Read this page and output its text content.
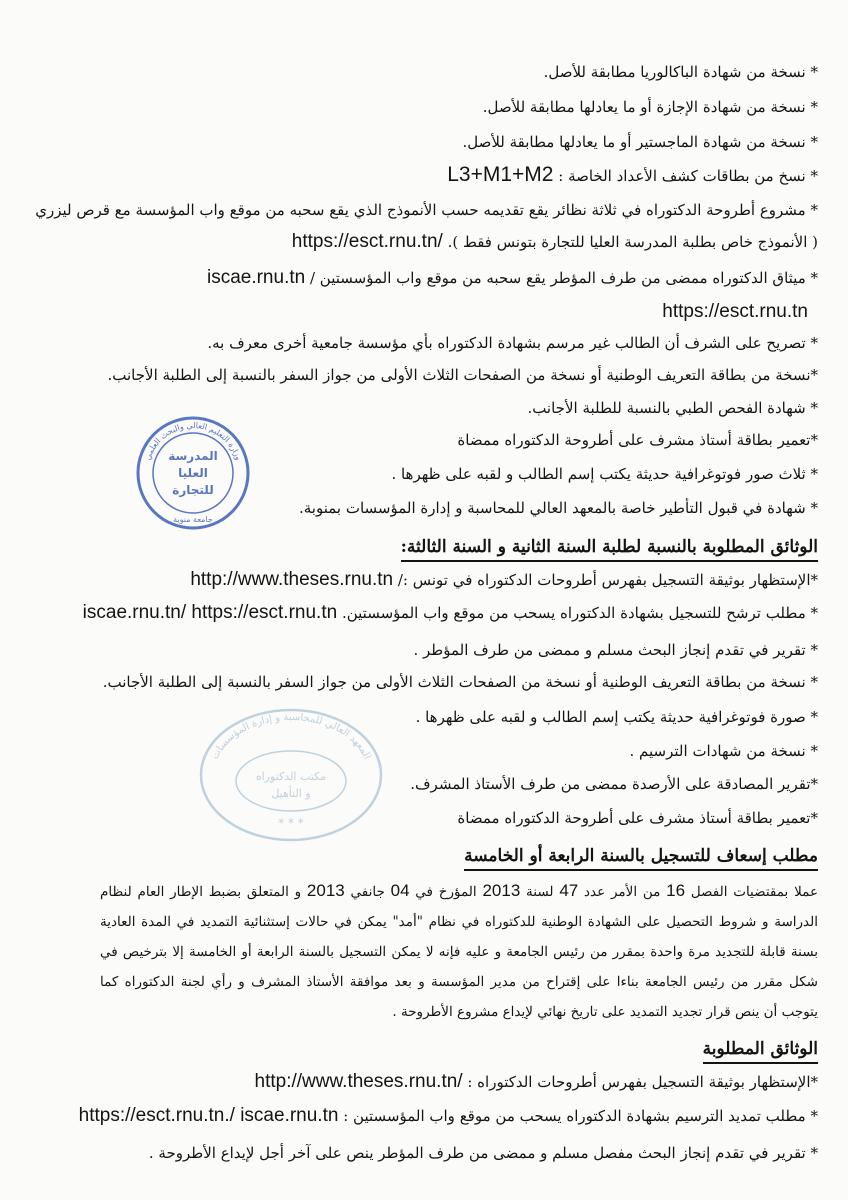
* نسخة من شهادة الباكالوريا مطابقة للأصل.
* نسخة من شهادة الإجازة أو ما يعادلها مطابقة للأصل.
* نسخة من شهادة الماجستير أو ما يعادلها مطابقة للأصل.
* نسخ من بطاقات كشف الأعداد الخاصة : L3+M1+M2
* مشروع أطروحة الدكتوراه في ثلاثة نظائر يقع تقديمه حسب الأنموذج الذي يقع سحبه من موقع واب المؤسسة مع قرص ليزري
( الأنموذج خاص بطلبة المدرسة العليا للتجارة بتونس فقط ). https://esct.rnu.tn/
* ميثاق الدكتوراه ممضى من طرف المؤطر يقع سحبه من موقع واب المؤسستين / iscae.rnu.tn
https://esct.rnu.tn
* تصريح على الشرف أن الطالب غير مرسم بشهادة الدكتوراه بأي مؤسسة جامعية أخرى معرف به.
*نسخة من بطاقة التعريف الوطنية أو نسخة من الصفحات الثلاث الأولى من جواز السفر بالنسبة إلى الطلبة الأجانب.
* شهادة الفحص الطبي بالنسبة للطلبة الأجانب.
*تعمير بطاقة أستاذ مشرف على أطروحة الدكتوراه ممضاة
* ثلاث صور فوتوغرافية حديثة يكتب إسم الطالب و لقبه على ظهرها .
* شهادة في قبول التأطير خاصة بالمعهد العالي للمحاسبة و إدارة المؤسسات بمنوبة.
الوثائق المطلوبة بالنسبة لطلبة السنة الثانية و السنة الثالثة:
*الإستظهار بوثيقة التسجيل بفهرس أطروحات الدكتوراه في تونس :/ http://www.theses.rnu.tn
* مطلب ترشح للتسجيل بشهادة الدكتوراه يسحب من موقع واب المؤسستين. iscae.rnu.tn/ https://esct.rnu.tn
* تقرير في تقدم إنجاز البحث مسلم و ممضى من طرف المؤطر .
* نسخة من بطاقة التعريف الوطنية أو نسخة من الصفحات الثلاث الأولى من جواز السفر بالنسبة إلى الطلبة الأجانب.
* صورة فوتوغرافية حديثة يكتب إسم الطالب و لقبه على ظهرها .
* نسخة من شهادات الترسيم .
*تقرير المصادقة على الأرصدة ممضى من طرف الأستاذ المشرف.
*تعمير بطاقة أستاذ مشرف على أطروحة الدكتوراه ممضاة
مطلب إسعاف للتسجيل بالسنة الرابعة أو الخامسة
عملا بمقتضيات الفصل 16 من الأمر عدد 47 لسنة 2013 المؤرخ في 04 جانفي 2013 و المتعلق بضبط الإطار العام لنظام الدراسة و شروط التحصيل على الشهادة الوطنية للدكتوراه في نظام "أمد" يمكن في حالات إستثنائية التمديد في المدة العادية بسنة قابلة للتجديد مرة واحدة بمقرر من رئيس الجامعة و عليه فإنه لا يمكن التسجيل بالسنة الرابعة أو الخامسة إلا بترخيص في شكل مقرر من رئيس الجامعة بناءا على إقتراح من مدير المؤسسة و بعد موافقة الأستاذ المشرف و رأي لجنة الدكتوراه كما يتوجب أن ينص قرار تجديد التمديد على تاريخ نهائي لإيداع مشروع الأطروحة .
الوثائق المطلوبة
*الإستظهار بوثيقة التسجيل بفهرس أطروحات الدكتوراه : http://www.theses.rnu.tn/
* مطلب تمديد الترسيم بشهادة الدكتوراه يسحب من موقع واب المؤسستين : https://esct.rnu.tn./ iscae.rnu.tn
* تقرير في تقدم إنجاز البحث مفصل مسلم و ممضى من طرف المؤطر ينص على آخر أجل لإيداع الأطروحة .
وزارة التعليم العالي والبحث العلمي
المدرسة
العليا
للتجارة
جامعة منوبة
المعهد العالي للمحاسبة و إدارة المؤسسات
مكتب الدكتوراه
و التأهيل
* * *
